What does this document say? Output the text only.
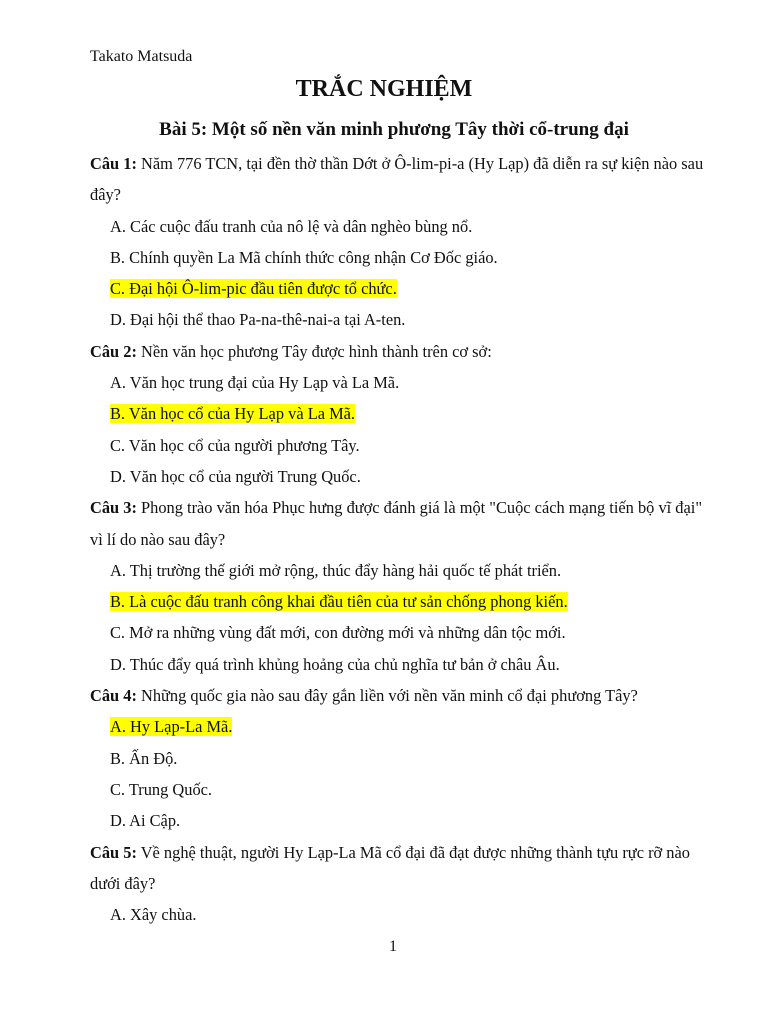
Takato Matsuda
TRẮC NGHIỆM
Bài 5: Một số nền văn minh phương Tây thời cổ-trung đại
Câu 1: Năm 776 TCN, tại đền thờ thần Dớt ở Ô-lim-pi-a (Hy Lạp) đã diễn ra sự kiện nào sau đây?
A. Các cuộc đấu tranh của nô lệ và dân nghèo bùng nổ.
B. Chính quyền La Mã chính thức công nhận Cơ Đốc giáo.
C. Đại hội Ô-lim-pic đầu tiên được tổ chức.
D. Đại hội thể thao Pa-na-thê-nai-a tại A-ten.
Câu 2: Nền văn học phương Tây được hình thành trên cơ sở:
A. Văn học trung đại của Hy Lạp và La Mã.
B. Văn học cổ của Hy Lạp và La Mã.
C. Văn học cổ của người phương Tây.
D. Văn học cổ của người Trung Quốc.
Câu 3: Phong trào văn hóa Phục hưng được đánh giá là một "Cuộc cách mạng tiến bộ vĩ đại" vì lí do nào sau đây?
A. Thị trường thế giới mở rộng, thúc đẩy hàng hải quốc tế phát triển.
B. Là cuộc đấu tranh công khai đầu tiên của tư sản chống phong kiến.
C. Mở ra những vùng đất mới, con đường mới và những dân tộc mới.
D. Thúc đẩy quá trình khủng hoảng của chủ nghĩa tư bản ở châu Âu.
Câu 4: Những quốc gia nào sau đây gắn liền với nền văn minh cổ đại phương Tây?
A. Hy Lạp-La Mã.
B. Ấn Độ.
C. Trung Quốc.
D. Ai Cập.
Câu 5: Về nghệ thuật, người Hy Lạp-La Mã cổ đại đã đạt được những thành tựu rực rỡ nào dưới đây?
A. Xây chùa.
1
